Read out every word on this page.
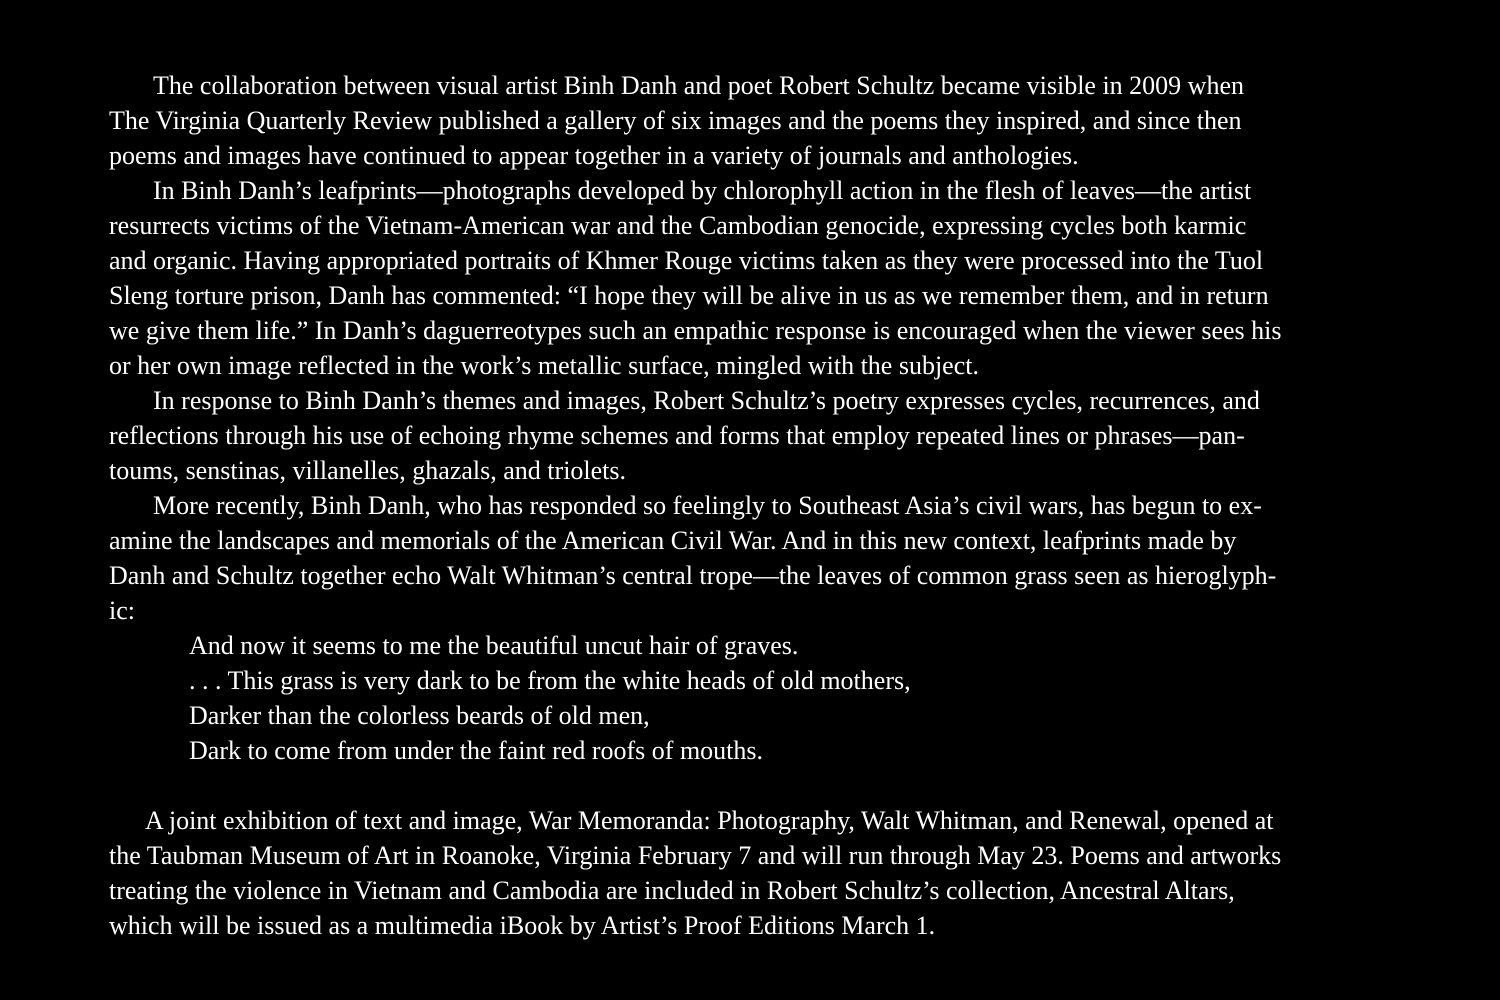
The collaboration between visual artist Binh Danh and poet Robert Schultz became visible in 2009 when
The Virginia Quarterly Review published a gallery of six images and the poems they inspired, and since then
poems and images have continued to appear together in a variety of journals and anthologies.
In Binh Danh’s leafprints—photographs developed by chlorophyll action in the flesh of leaves—the artist
resurrects victims of the Vietnam-American war and the Cambodian genocide, expressing cycles both karmic
and organic. Having appropriated portraits of Khmer Rouge victims taken as they were processed into the Tuol
Sleng torture prison, Danh has commented: “I hope they will be alive in us as we remember them, and in return
we give them life.” In Danh’s daguerreotypes such an empathic response is encouraged when the viewer sees his
or her own image reflected in the work’s metallic surface, mingled with the subject.
In response to Binh Danh’s themes and images, Robert Schultz’s poetry expresses cycles, recurrences, and
reflections through his use of echoing rhyme schemes and forms that employ repeated lines or phrases—pan-
toums, senstinas, villanelles, ghazals, and triolets.
More recently, Binh Danh, who has responded so feelingly to Southeast Asia’s civil wars, has begun to ex-
amine the landscapes and memorials of the American Civil War. And in this new context, leafprints made by
Danh and Schultz together echo Walt Whitman’s central trope—the leaves of common grass seen as hieroglyph-
ic:
And now it seems to me the beautiful uncut hair of graves.
. . . This grass is very dark to be from the white heads of old mothers,
Darker than the colorless beards of old men,
Dark to come from under the faint red roofs of mouths.
A joint exhibition of text and image, War Memoranda: Photography, Walt Whitman, and Renewal, opened at
the Taubman Museum of Art in Roanoke, Virginia February 7 and will run through May 23. Poems and artworks
treating the violence in Vietnam and Cambodia are included in Robert Schultz’s collection, Ancestral Altars,
which will be issued as a multimedia iBook by Artist’s Proof Editions March 1.
